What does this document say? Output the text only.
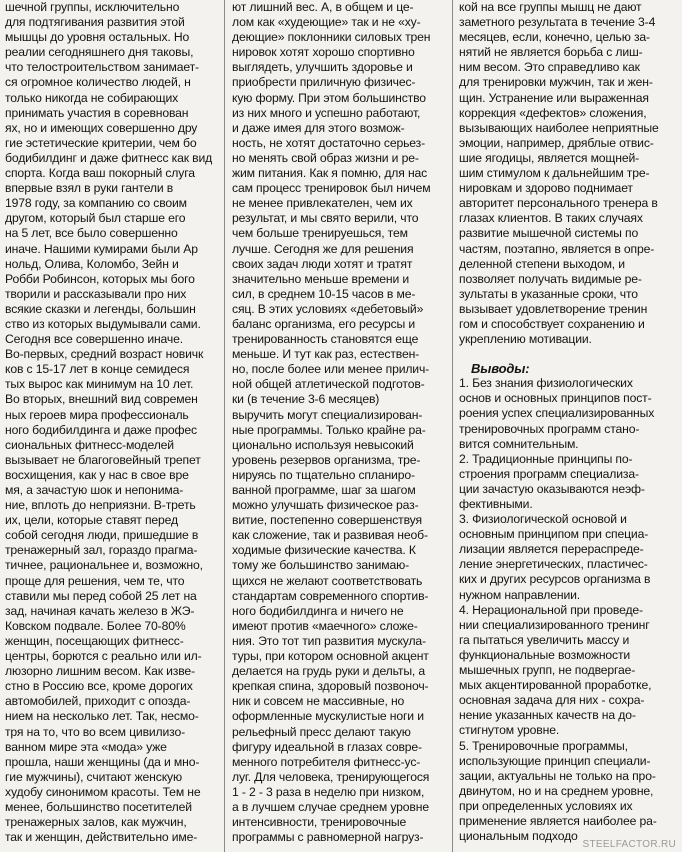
шечной группы, исключительно

для подтягивания развития этой

мышцы до уровня остальных. Но

реалии сегодняшнего дня таковы,

что телостроительством занимает-

ся огромное количество людей, н

только никогда не собирающих

принимать участия в соревнован

ях, но и имеющих совершенно дру

гие эстетические критерии, чем бо

бодибилдинг и даже фитнесс как вид

спорта. Когда ваш покорный слуга

впервые взял в руки гантели в

1978 году, за компанию со своим

другом, который был старше его

на 5 лет, все было совершенно

иначе. Нашими кумирами были Ар

нольд, Олива, Коломбо, Зейн и

Робби Робинсон, которых мы бого

творили и рассказывали про них

всякие сказки и легенды, большин

ство из которых выдумывали сами.

Сегодня все совершенно иначе.

Во-первых, средний возраст новичк

ков с 15-17 лет в конце семидеся

тых вырос как минимум на 10 лет.

Во вторых, внешний вид современ

ных героев мира профессиональ

ного бодибилдинга и даже профес

сиональных фитнесс-моделей

вызывает не благоговейный трепет

восхищения, как у нас в свое вре

мя, а зачастую шок и непонима-

ние, вплоть до неприязни. В-треть

их, цели, которые ставят перед

собой сегодня люди, пришедшие в

тренажерный зал, гораздо прагма-

тичнее, рациональнее и, возможно,

проще для решения, чем те, что

ставили мы перед собой 25 лет на

зад, начиная качать железо в ЖЭ-

Ковском подвале. Более 70-80%

женщин, посещающих фитнесс-

центры, борются с реально или ил-

люзорно лишним весом. Как изве-

стно в Россию все, кроме дорогих

автомобилей, приходит с опозда-

нием на несколько лет. Так, несмо-

тря на то, что во всем цивилизо-

ванном мире эта «мода» уже

прошла, наши женщины (да и мно-

гие мужчины), считают женскую

худобу синонимом красоты. Тем не

менее, большинство посетителей

тренажерных залов, как мужчин,

так и женщин, действительно име-

ют лишний вес. А, в общем и це-

лом как «худеющие» так и не «ху-

деющие» поклонники силовых трен

нировок хотят хорошо спортивно

выглядеть, улучшить здоровье и

приобрести приличную физичес-

кую форму. При этом большинство

из них много и успешно работают,

и даже имея для этого возмож-

ность, не хотят достаточно серьез-

но менять свой образ жизни и ре-

жим питания. Как я помню, для нас

сам процесс тренировок был ничем

не менее привлекателен, чем их

результат, и мы свято верили, что

чем больше тренируешься, тем

лучше. Сегодня же для решения

своих задач люди хотят и тратят

значительно меньше времени и

сил, в среднем 10-15 часов в ме-

сяц. В этих условиях «дебетовый»

баланс организма, его ресурсы и

тренированность становятся еще

меньше. И тут как раз, естествен-

но, после более или менее прилич-

ной общей атлетической подготов-

ки (в течение 3-6 месяцев)

выручить могут специализирован-

ные программы. Только крайне ра-

ционально используя невысокий

уровень резервов организма, тре-

нируясь по тщательно спланиро-

ванной программе, шаг за шагом

можно улучшать физическое раз-

витие, постепенно совершенствуя

как сложение, так и развивая необ-

ходимые физические качества. К

тому же большинство занимаю-

щихся не желают соответствовать

стандартам современного спортив-

ного бодибилдинга и ничего не

имеют против «маечного» сложе-

ния. Это тот тип развития мускула-

туры, при котором основной акцент

делается на грудь руки и дельты, а

крепкая спина, здоровый позвоноч-

ник и совсем не массивные, но

оформленные мускулистые ноги и

рельефный пресс делают такую

фигуру идеальной в глазах совре-

менного потребителя фитнесс-ус-

луг. Для человека, тренирующегося

1 - 2 - 3 раза в неделю при низком,

а в лучшем случае среднем уровне

интенсивности, тренировочные

программы с равномерной нагруз-

кой на все группы мышц не дают

заметного результата в течение 3-4

месяцев, если, конечно, целью за-

нятий не является борьба с лиш-

ним весом. Это справедливо как

для тренировки мужчин, так и жен-

щин. Устранение или выраженная

коррекция «дефектов» сложения,

вызывающих наиболее неприятные

эмоции, например, дряблые отвис-

шие ягодицы, является мощней-

шим стимулом к дальнейшим тре-

нировкам и здорово поднимает

авторитет персонального тренера в

глазах клиентов. В таких случаях

развитие мышечной системы по

частям, поэтапно, является в опре-

деленной степени выходом, и

позволяет получать видимые ре-

зультаты в указанные сроки, что

вызывает удовлетворение тренин

гом и способствует сохранению и

укреплению мотивации.

Выводы:

1. Без знания физиологических

основ и основных принципов пост-

роения успех специализированных

тренировочных программ стано-

вится сомнительным.

2. Традиционные принципы по-

строения программ специализа-

ции зачастую оказываются неэф-

фективными.

3. Физиологической основой и

основным принципом при специа-

лизации является перераспреде-

ление энергетических, пластичес-

ких и других ресурсов организма в

нужном направлении.

4. Нерациональной при проведе-

нии специализированного тренинг

га пытаться увеличить массу и

функциональные возможности

мышечных групп, не подвергае-

мых акцентированной проработке,

основная задача для них - сохра-

нение указанных качеств на до-

стигнутом уровне.

5. Тренировочные программы,

использующие принцип специали-

зации, актуальны не только на про-

двинутом, но и на среднем уровне,

при определенных условиях их

применение является наиболее ра-

циональным подходо

STEELFACTOR.RU
